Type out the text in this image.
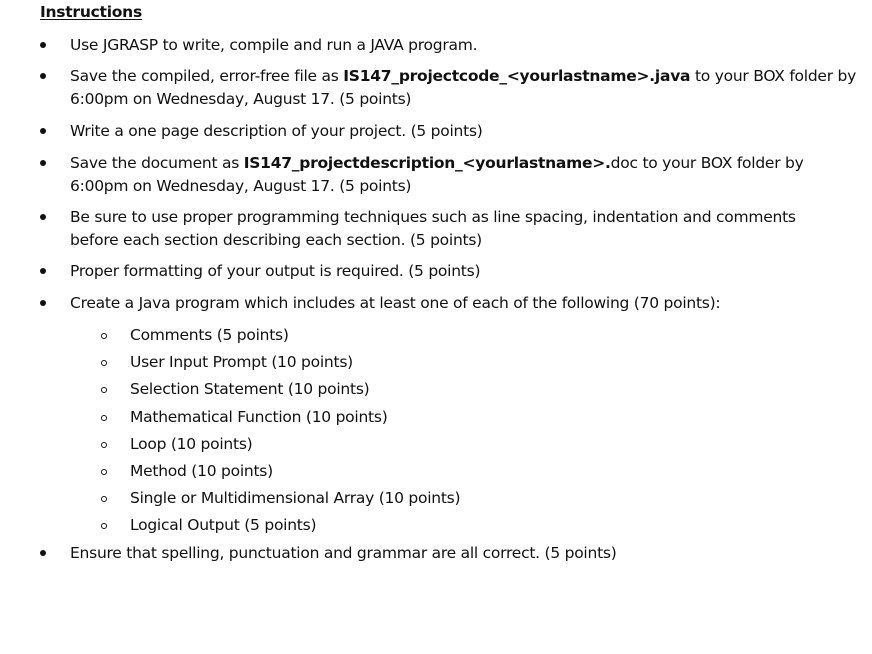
Instructions
Use JGRASP to write, compile and run a JAVA program.
Save the compiled, error-free file as IS147_projectcode_<yourlastname>.java to your BOX folder by
6:00pm on Wednesday, August 17. (5 points)
Write a one page description of your project. (5 points)
Save the document as IS147_projectdescription_<yourlastname>.doc to your BOX folder by
6:00pm on Wednesday, August 17. (5 points)
Be sure to use proper programming techniques such as line spacing, indentation and comments
before each section describing each section. (5 points)
Proper formatting of your output is required. (5 points)
Create a Java program which includes at least one of each of the following (70 points):
Comments (5 points)
User Input Prompt (10 points)
Selection Statement (10 points)
Mathematical Function (10 points)
Loop (10 points)
Method (10 points)
Single or Multidimensional Array (10 points)
Logical Output (5 points)
Ensure that spelling, punctuation and grammar are all correct. (5 points)
